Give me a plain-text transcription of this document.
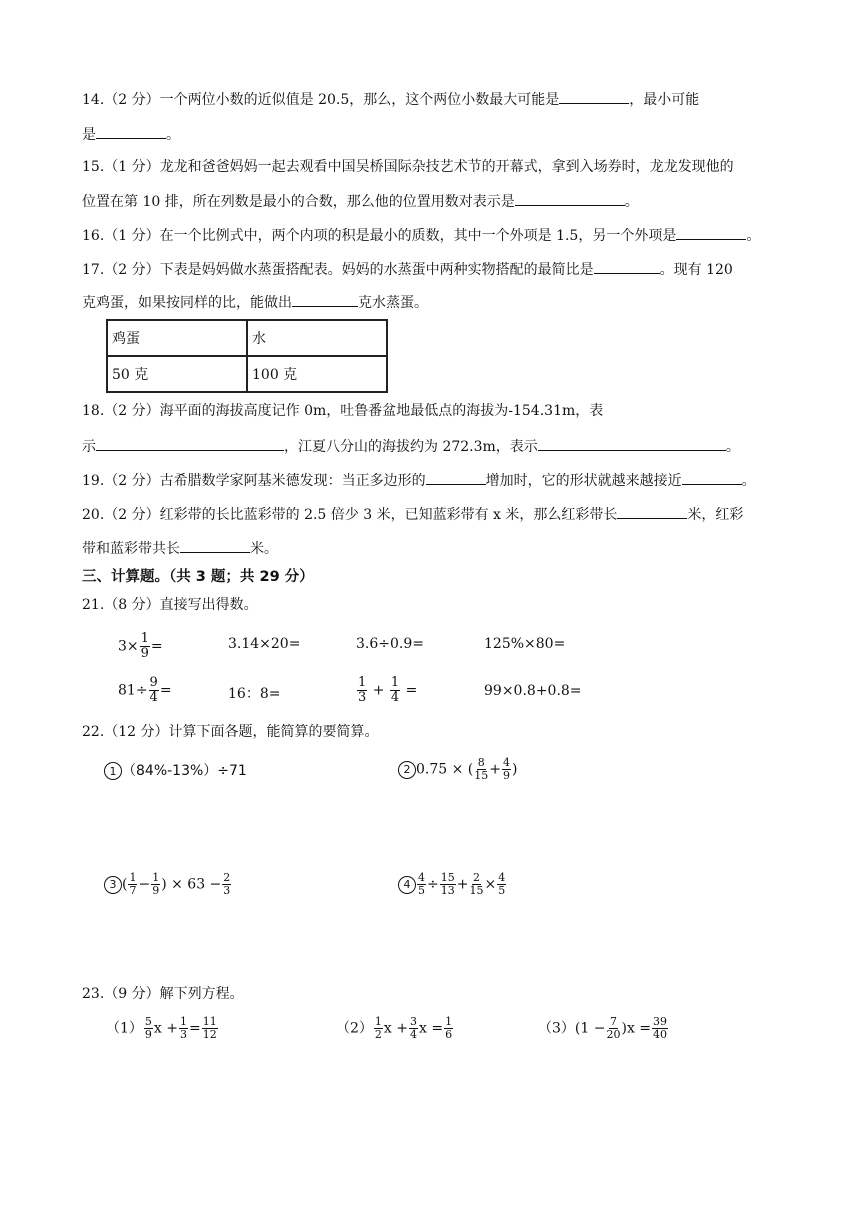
14.（2 分）一个两位小数的近似值是 20.5，那么，这个两位小数最大可能是	，最小可能
是	。
15.（1 分）龙龙和爸爸妈妈一起去观看中国吴桥国际杂技艺术节的开幕式，拿到入场券时，龙龙发现他的
位置在第 10 排，所在列数是最小的合数，那么他的位置用数对表示是	。
16.（1 分）在一个比例式中，两个内项的积是最小的质数，其中一个外项是 1.5，另一个外项是	。
17.（2 分）下表是妈妈做水蒸蛋搭配表。妈妈的水蒸蛋中两种实物搭配的最简比是	。现有 120
克鸡蛋，如果按同样的比，能做出	克水蒸蛋。
鸡蛋	水
50 克	100 克
18.（2 分）海平面的海拔高度记作 0m，吐鲁番盆地最低点的海拔为-154.31m，表
示	，江夏八分山的海拔约为 272.3m，表示	。
19.（2 分）古希腊数学家阿基米德发现：当正多边形的	增加时，它的形状就越来越接近	。
20.（2 分）红彩带的长比蓝彩带的 2.5 倍少 3 米，已知蓝彩带有 x 米，那么红彩带长	米，红彩
带和蓝彩带共长	米。
三、计算题。（共 3 题；共 29 分）
21.（8 分）直接写出得数。
$3\times \frac{1}{9}$ =	3.14×20=	3.6÷0.9=	125%×80=
$81\div \frac{9}{4}$ =	16：8=	$\frac{1}{3} + \frac{1}{4}$ =	99×0.8+0.8=
22.（12 分）计算下面各题，能简算的要简算。
1 （84%-13%）÷71	2 0.75 × ( $\frac{8}{15} + \frac{4}{9}$ )
3 ( $\frac{1}{7} - \frac{1}{9}$ ) × $63 - \frac{2}{3}$	$4 \frac{4}{5} \div \frac{15}{13} + \frac{2}{15} \times \frac{4}{5}$
23.（9 分）解下列方程。
$(1) \frac{5}{9}$ $x + \frac{1}{3} = \frac{11}{12}$	$(2) \frac{1}{2}$ $x + \frac{3}{4}$ $x = \frac{1}{6}$	$(3)(1 - \frac{7}{20} )x = \frac{39}{40}$
